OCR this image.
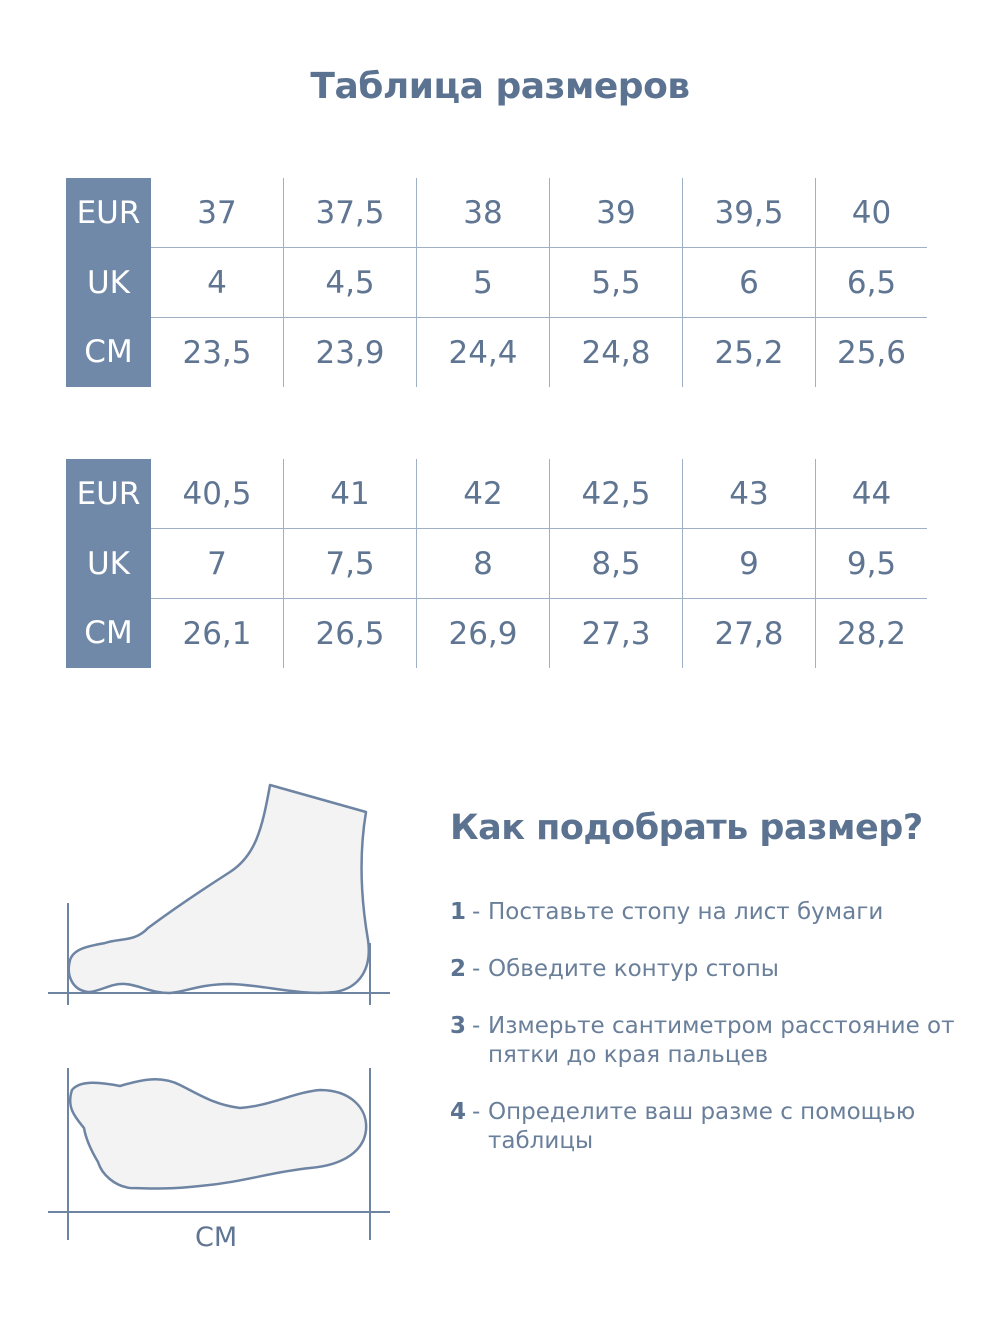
Таблица размеров
EUR	37	37,5	38	39	39,5	40
UK	4	4,5	5	5,5	6	6,5
CM	23,5	23,9	24,4	24,8	25,2	25,6
EUR	40,5	41	42	42,5	43	44
UK	7	7,5	8	8,5	9	9,5
CM	26,1	26,5	26,9	27,3	27,8	28,2
CM
Как подобрать размер?
1 - Поставьте стопу на лист бумаги
2 - Обведите контур стопы
3 - Измерьте сантиметром расстояние от пятки до края пальцев
4 - Определите ваш разме с помощью таблицы
